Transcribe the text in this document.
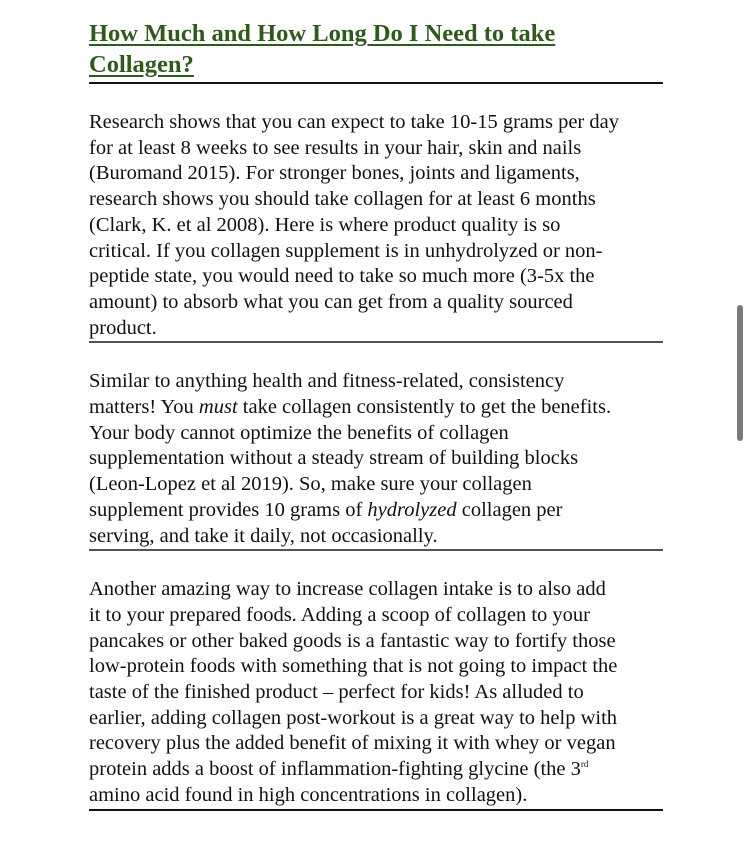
How Much and How Long Do I Need to take
Collagen?

Research shows that you can expect to take 10-15 grams per day
for at least 8 weeks to see results in your hair, skin and nails
(Buromand 2015). For stronger bones, joints and ligaments,
research shows you should take collagen for at least 6 months
(Clark, K. et al 2008). Here is where product quality is so
critical. If you collagen supplement is in unhydrolyzed or non-
peptide state, you would need to take so much more (3-5x the
amount) to absorb what you can get from a quality sourced
product.

Similar to anything health and fitness-related, consistency
matters! You must take collagen consistently to get the benefits.
Your body cannot optimize the benefits of collagen
supplementation without a steady stream of building blocks
(Leon-Lopez et al 2019). So, make sure your collagen
supplement provides 10 grams of hydrolyzed collagen per
serving, and take it daily, not occasionally.

Another amazing way to increase collagen intake is to also add
it to your prepared foods. Adding a scoop of collagen to your
pancakes or other baked goods is a fantastic way to fortify those
low-protein foods with something that is not going to impact the
taste of the finished product – perfect for kids! As alluded to
earlier, adding collagen post-workout is a great way to help with
recovery plus the added benefit of mixing it with whey or vegan
protein adds a boost of inflammation-fighting glycine (the 3rd
amino acid found in high concentrations in collagen).
